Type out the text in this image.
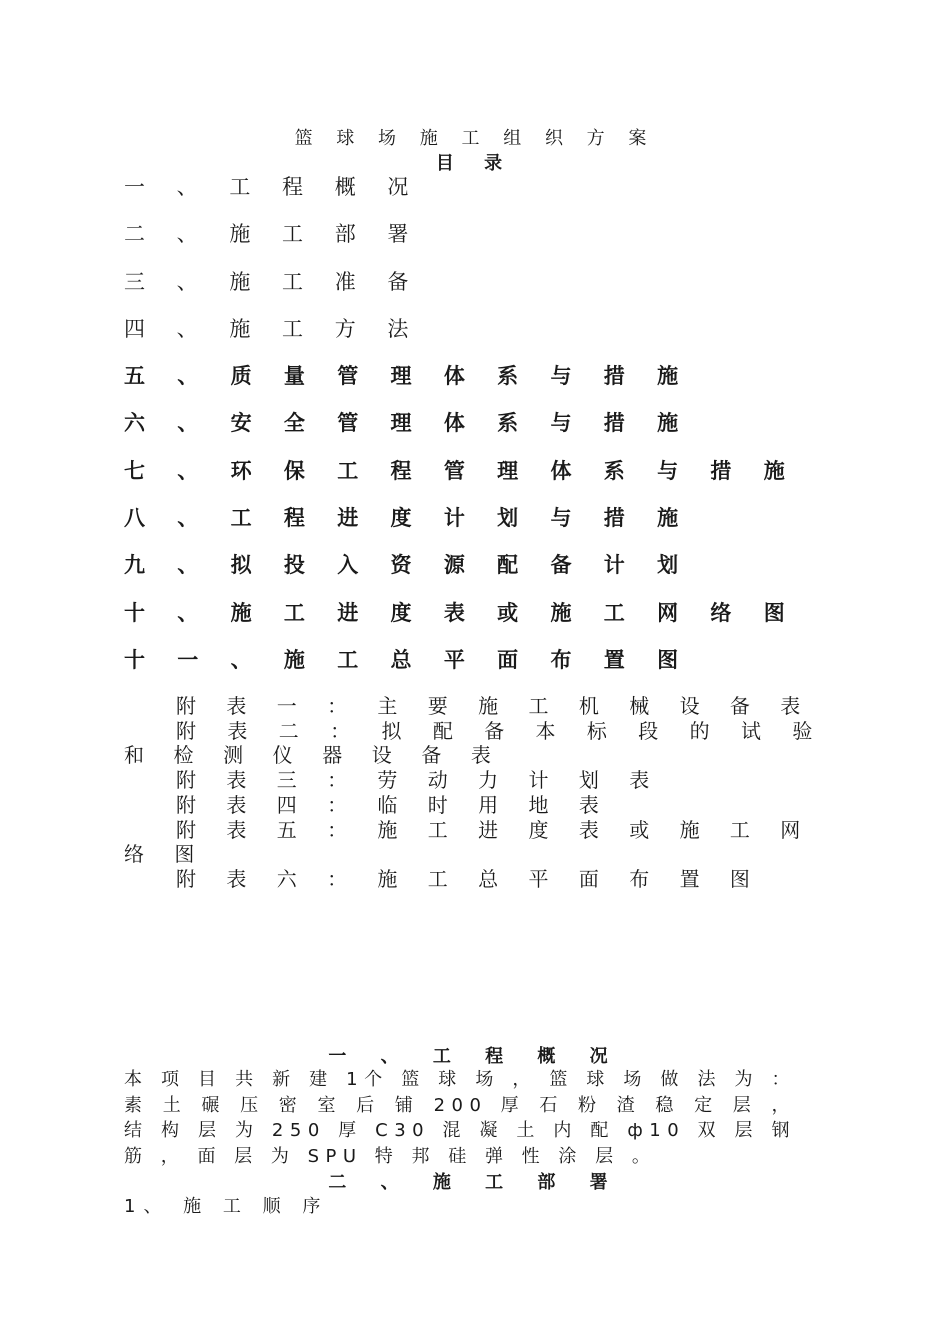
篮 球 场 施 工 组 织 方 案
目 录
一 、 工 程 概 况
二 、 施 工 部 署
三 、 施 工 准 备
四 、 施 工 方 法
五 、 质 量 管 理 体 系 与 措 施
六 、 安 全 管 理 体 系 与 措 施
七 、 环 保 工 程 管 理 体 系 与 措 施
八 、 工 程 进 度 计 划 与 措 施
九 、 拟 投 入 资 源 配 备 计 划
十 、 施 工 进 度 表 或 施 工 网 络 图
十 一 、 施 工 总 平 面 布 置 图
附 表 一 ： 主 要 施 工 机 械 设 备 表
附 表 二 ： 拟 配 备 本 标 段 的 试 验 和 检 测 仪 器 设 备 表
附 表 三 ： 劳 动 力 计 划 表
附 表 四 ： 临 时 用 地 表
附 表 五 ： 施 工 进 度 表 或 施 工 网 络 图
附 表 六 ： 施 工 总 平 面 布 置 图
一 、 工 程 概 况

本 项 目 共 新 建 1个 篮 球 场 ， 篮 球 场 做 法 为 ： 素 土 碾 压 密 室 后 铺 200 厚 石 粉 渣 稳 定 层 ， 结 构 层 为 250 厚 C30 混 凝 土 内 配 ф10 双 层 钢 筋 ， 面 层 为 SPU 特 邦 硅 弹 性 涂 层 。

二 、 施 工 部 署

1、 施 工 顺 序
